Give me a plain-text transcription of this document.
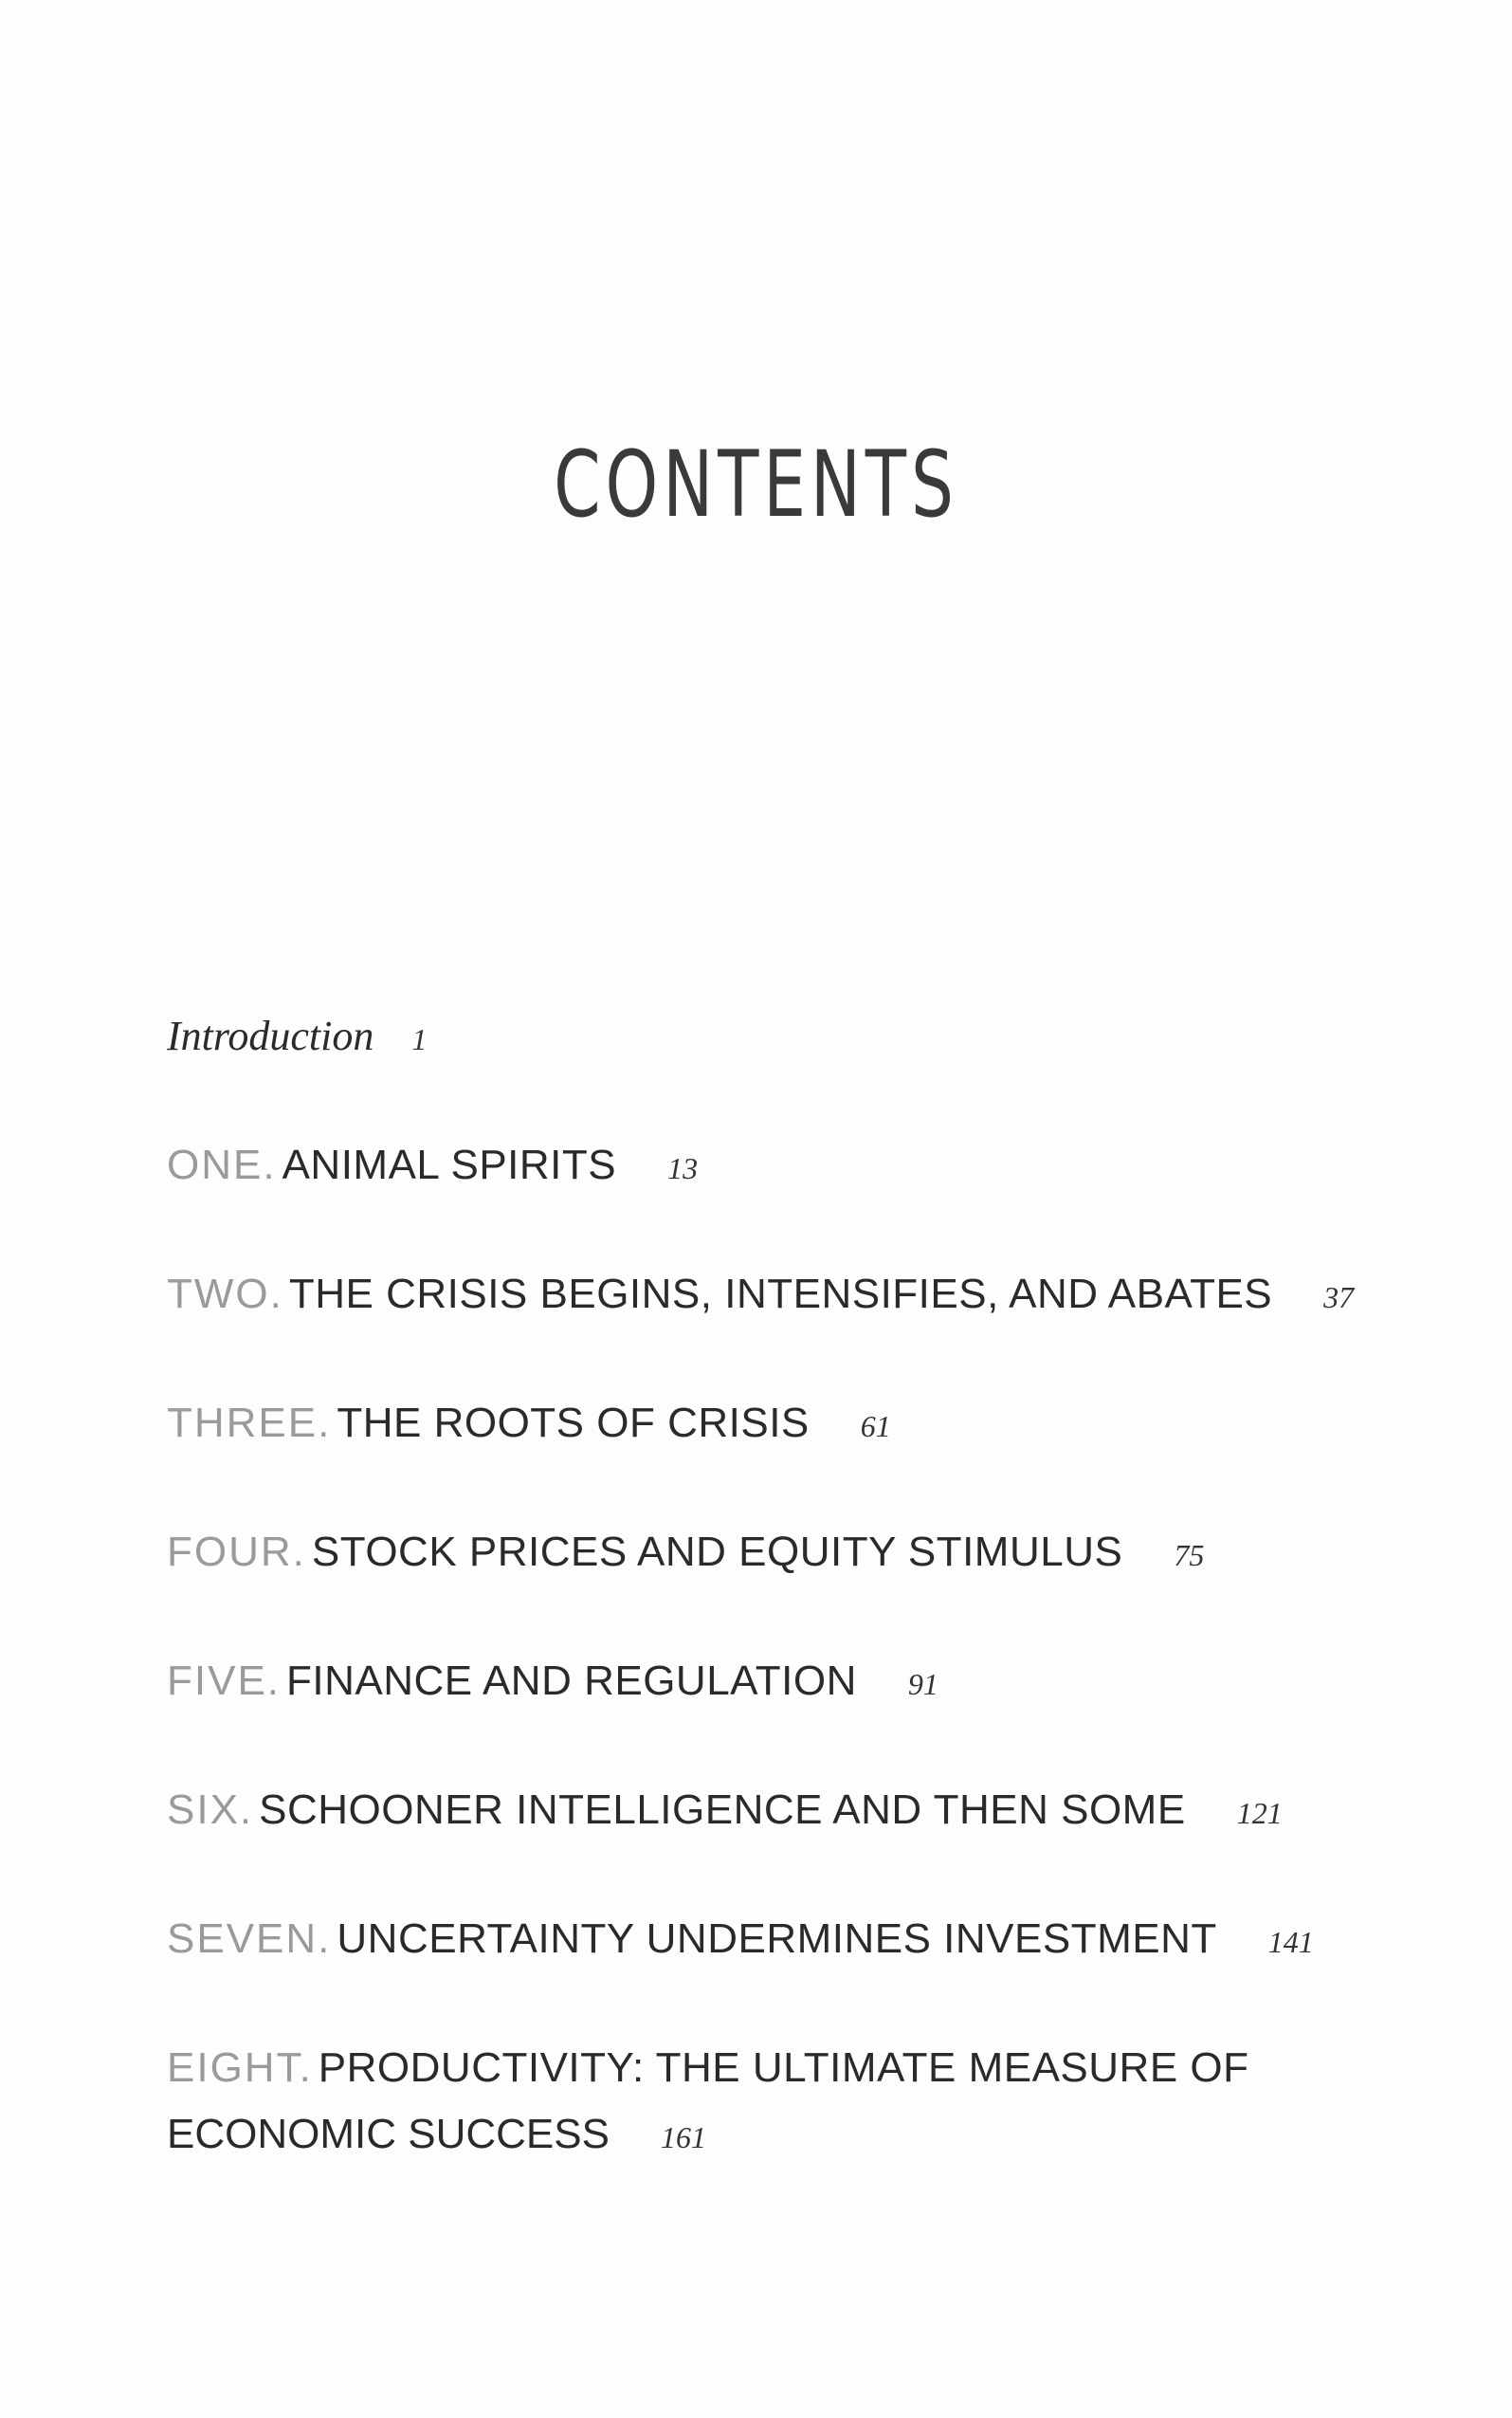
CONTENTS
Introduction 1
ONE. ANIMAL SPIRITS 13
TWO. THE CRISIS BEGINS, INTENSIFIES, AND ABATES 37
THREE. THE ROOTS OF CRISIS 61
FOUR. STOCK PRICES AND EQUITY STIMULUS 75
FIVE. FINANCE AND REGULATION 91
SIX. SCHOONER INTELLIGENCE AND THEN SOME 121
SEVEN. UNCERTAINTY UNDERMINES INVESTMENT 141
EIGHT. PRODUCTIVITY: THE ULTIMATE MEASURE OF
ECONOMIC SUCCESS 161
